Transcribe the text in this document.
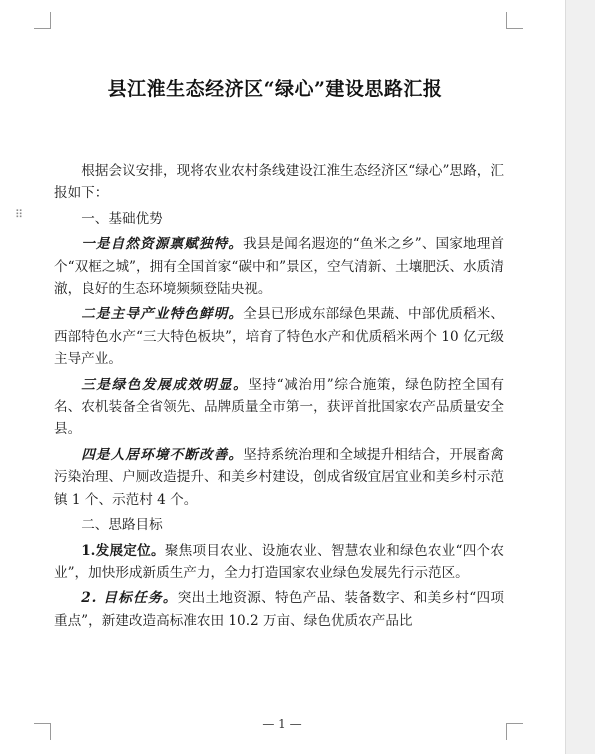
⠿
县江淮生态经济区“绿心”建设思路汇报

根据会议安排，现将农业农村条线建设江淮生态经济区“绿心”思路，汇报如下：

一、基础优势

一是自然资源禀赋独特。我县是闻名遐迩的“鱼米之乡”、国家地理首个“双框之城”，拥有全国首家“碳中和”景区，空气清新、土壤肥沃、水质清澈，良好的生态环境频频登陆央视。

二是主导产业特色鲜明。全县已形成东部绿色果蔬、中部优质稻米、西部特色水产“三大特色板块”，培育了特色水产和优质稻米两个 10 亿元级主导产业。

三是绿色发展成效明显。坚持“减治用”综合施策，绿色防控全国有名、农机装备全省领先、品牌质量全市第一，获评首批国家农产品质量安全县。

四是人居环境不断改善。坚持系统治理和全域提升相结合，开展畜禽污染治理、户厕改造提升、和美乡村建设，创成省级宜居宜业和美乡村示范镇 1 个、示范村 4 个。

二、思路目标

1.发展定位。聚焦项目农业、设施农业、智慧农业和绿色农业“四个农业”，加快形成新质生产力，全力打造国家农业绿色发展先行示范区。

2. 目标任务。突出土地资源、特色产品、装备数字、和美乡村“四项重点”，新建改造高标准农田 10.2 万亩、绿色优质农产品比

— 1 —
